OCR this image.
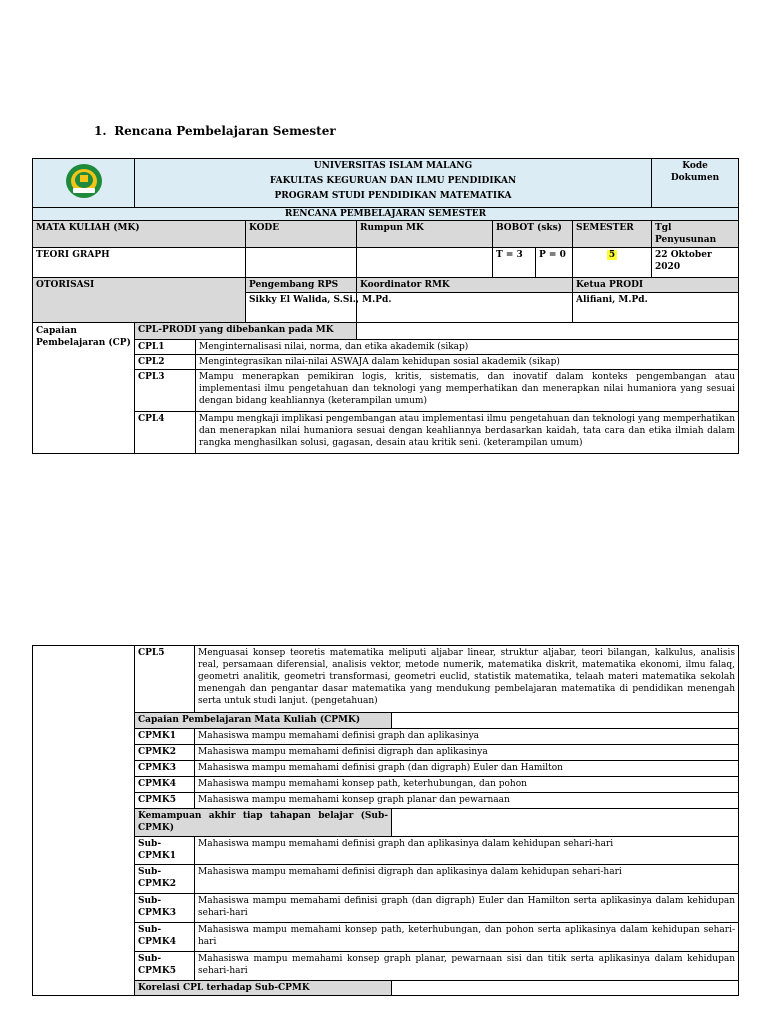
1. Rencana Pembelajaran Semester

UNIVERSITAS ISLAM MALANG
FAKULTAS KEGURUAN DAN ILMU PENDIDIKAN
PROGRAM STUDI PENDIDIKAN MATEMATIKA							Kode Dokumen

RENCANA PEMBELAJARAN SEMESTER								
MATA KULIAH (MK)			KODE	Rumpun MK	BOBOT (sks)		SEMESTER	Tgl Penyusunan
TEORI GRAPH					T = 3	P = 0	5	22 Oktober 2020
OTORISASI			Pengembang RPS	Koordinator RMK			Ketua PRODI	
			Sikky El Walida, S.Si., M.Pd.				Alifiani, M.Pd.	
Capaian Pembelajaran (CP)	CPL-PRODI yang dibebankan pada MK							
	CPL1	Menginternalisasi nilai, norma, dan etika akademik (sikap)						
	CPL2	Mengintegrasikan nilai-nilai ASWAJA dalam kehidupan sosial akademik (sikap)						
	CPL3	Mampu menerapkan pemikiran logis, kritis, sistematis, dan inovatif dalam konteks pengembangan atau implementasi ilmu pengetahuan dan teknologi yang memperhatikan dan menerapkan nilai humaniora yang sesuai dengan bidang keahliannya (keterampilan umum)						
	CPL4	Mampu mengkaji implikasi pengembangan atau implementasi ilmu pengetahuan dan teknologi yang memperhatikan dan menerapkan nilai humaniora sesuai dengan keahliannya berdasarkan kaidah, tata cara dan etika ilmiah dalam rangka menghasilkan solusi, gagasan, desain atau kritik seni. (keterampilan umum)						
	CPL5	Menguasai konsep teoretis matematika meliputi aljabar linear, struktur aljabar, teori bilangan, kalkulus, analisis real, persamaan diferensial, analisis vektor, metode numerik, matematika diskrit, matematika ekonomi, ilmu falaq, geometri analitik, geometri transformasi, geometri euclid, statistik matematika, telaah materi matematika sekolah menengah dan pengantar dasar matematika yang mendukung pembelajaran matematika di pendidikan menengah serta untuk studi lanjut. (pengetahuan)	
	Capaian Pembelajaran Mata Kuliah (CPMK)		
	CPMK1	Mahasiswa mampu memahami definisi graph dan aplikasinya	
	CPMK2	Mahasiswa mampu memahami definisi digraph dan aplikasinya	
	CPMK3	Mahasiswa mampu memahami definisi graph (dan digraph) Euler dan Hamilton	
	CPMK4	Mahasiswa mampu memahami konsep path, keterhubungan, dan pohon	
	CPMK5	Mahasiswa mampu memahami konsep graph planar dan pewarnaan	
	Kemampuan akhir tiap tahapan belajar (Sub-CPMK)		
	Sub-CPMK1	Mahasiswa mampu memahami definisi graph dan aplikasinya dalam kehidupan sehari-hari	
	Sub-CPMK2	Mahasiswa mampu memahami definisi digraph dan aplikasinya dalam kehidupan sehari-hari	
	Sub-CPMK3	Mahasiswa mampu memahami definisi graph (dan digraph) Euler dan Hamilton serta aplikasinya dalam kehidupan sehari-hari	
	Sub-CPMK4	Mahasiswa mampu memahami konsep path, keterhubungan, dan pohon serta aplikasinya dalam kehidupan sehari-hari	
	Sub-CPMK5	Mahasiswa mampu memahami konsep graph planar, pewarnaan sisi dan titik serta aplikasinya dalam kehidupan sehari-hari	
	Korelasi CPL terhadap Sub-CPMK		
